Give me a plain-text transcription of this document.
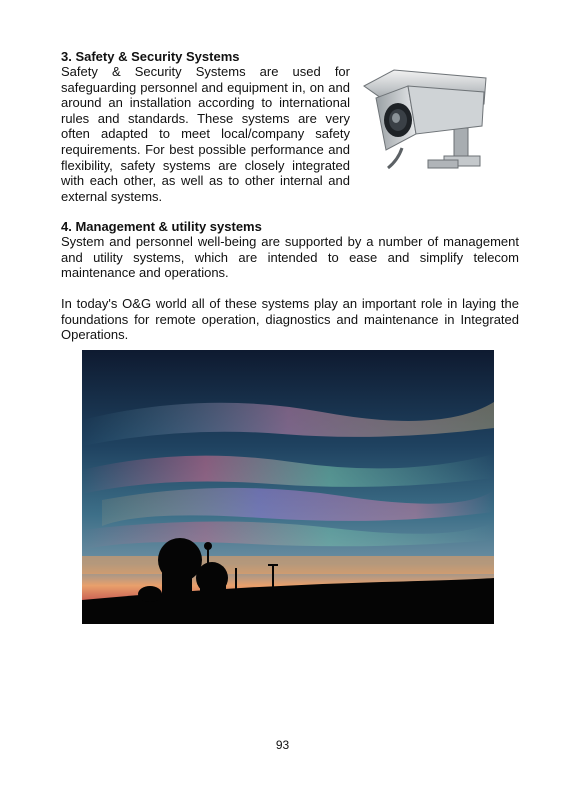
3. Safety & Security Systems

Safety & Security Systems are used for safeguarding personnel and equipment in, on and around an installation according to international rules and standards. These systems are very often adapted to meet local/company safety requirements. For best possible performance and flexibility, safety systems are closely integrated with each other, as well as to other internal and external systems.

4. Management & utility systems

System and personnel well-being are supported by a number of management and utility systems, which are intended to ease and simplify telecom maintenance and operations.

In today's O&G world all of these systems play an important role in laying the foundations for remote operation, diagnostics and maintenance in Integrated Operations.

93
